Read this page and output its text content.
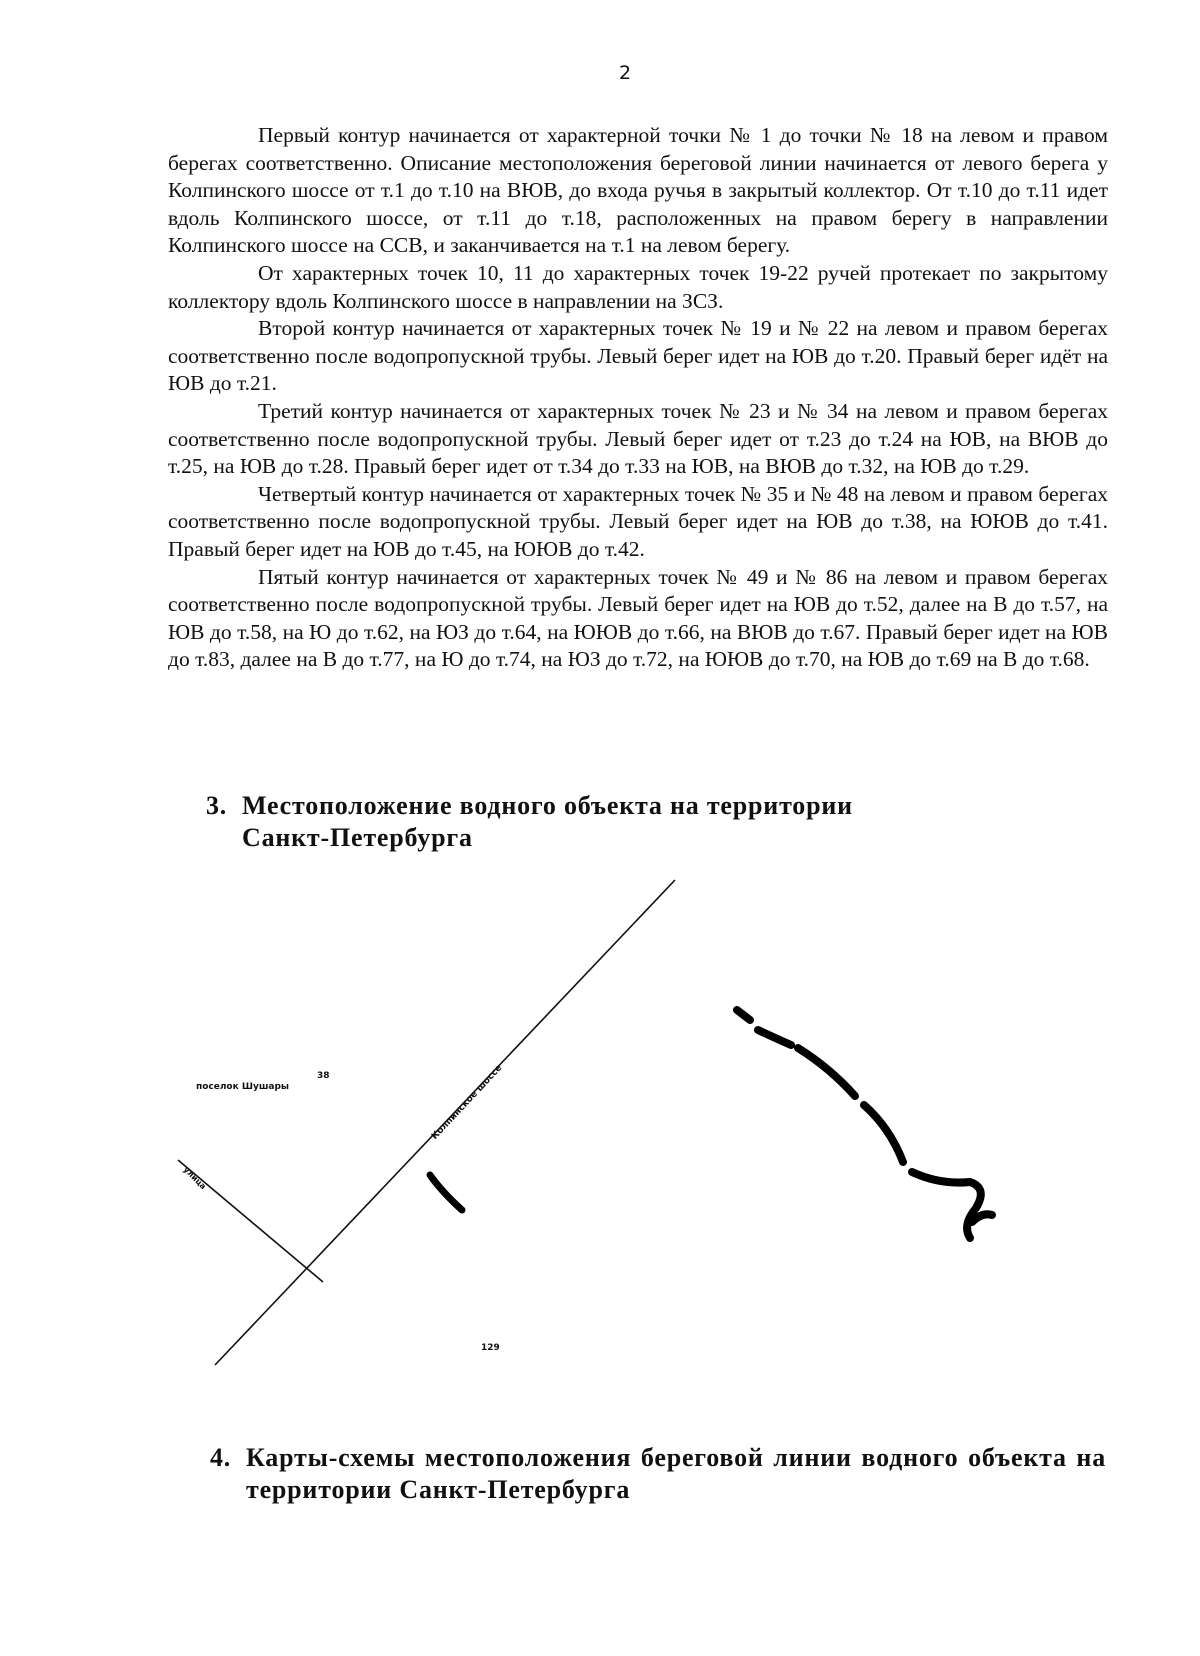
2

Первый контур начинается от характерной точки № 1 до точки № 18 на левом и правом берегах соответственно. Описание местоположения береговой линии начинается от левого берега у Колпинского шоссе от т.1 до т.10 на ВЮВ, до входа ручья в закрытый коллектор. От т.10 до т.11 идет вдоль Колпинского шоссе, от т.11 до т.18, расположенных на правом берегу в направлении Колпинского шоссе на ССВ, и заканчивается на т.1 на левом берегу.

От характерных точек 10, 11 до характерных точек 19-22 ручей протекает по закрытому коллектору вдоль Колпинского шоссе в направлении на ЗСЗ.

Второй контур начинается от характерных точек № 19 и № 22 на левом и правом берегах соответственно после водопропускной трубы. Левый берег идет на ЮВ до т.20. Правый берег идёт на ЮВ до т.21.

Третий контур начинается от характерных точек № 23 и № 34 на левом и правом берегах соответственно после водопропускной трубы. Левый берег идет от т.23 до т.24 на ЮВ, на ВЮВ до т.25, на ЮВ до т.28. Правый берег идет от т.34 до т.33 на ЮВ, на ВЮВ до т.32, на ЮВ до т.29.

Четвертый контур начинается от характерных точек № 35 и № 48 на левом и правом берегах соответственно после водопропускной трубы. Левый берег идет на ЮВ до т.38, на ЮЮВ до т.41. Правый берег идет на ЮВ до т.45, на ЮЮВ до т.42.

Пятый контур начинается от характерных точек № 49 и № 86 на левом и правом берегах соответственно после водопропускной трубы. Левый берег идет на ЮВ до т.52, далее на В до т.57, на ЮВ до т.58, на Ю до т.62, на ЮЗ до т.64, на ЮЮВ до т.66, на ВЮВ до т.67. Правый берег идет на ЮВ до т.83, далее на В до т.77, на Ю до т.74, на ЮЗ до т.72, на ЮЮВ до т.70, на ЮВ до т.69 на В до т.68.

3. Местоположение водного объекта на территории Санкт-Петербурга
поселок Шушары
38
129
улица
Колпинское шоссе
4. Карты-схемы местоположения береговой линии водного объекта на территории Санкт-Петербурга
